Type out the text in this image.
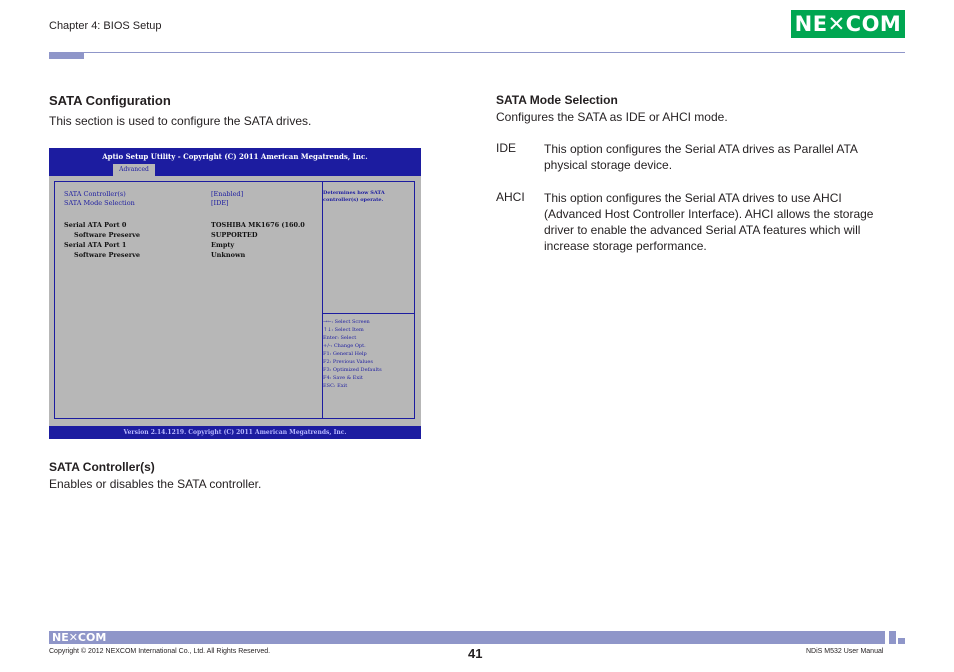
Chapter 4: BIOS Setup	NE✕COM
SATA Configuration
This section is used to configure the SATA drives.
Aptio Setup Utility - Copyright (C) 2011 American Megatrends, Inc.
Advanced
SATA Controller(s)	[Enabled]
SATA Mode Selection	[IDE]
Serial ATA Port 0	TOSHIBA MK1676 (160.0
Software Preserve	SUPPORTED
Serial ATA Port 1	Empty
Software Preserve	Unknown
Determines how SATA controller(s) operate.
→←: Select Screen
↑↓: Select Item
Enter: Select
+/-: Change Opt.
F1: General Help
F2: Previous Values
F3: Optimized Defaults
F4: Save & Exit
ESC: Exit
Version 2.14.1219. Copyright (C) 2011 American Megatrends, Inc.
SATA Controller(s)
Enables or disables the SATA controller.
SATA Mode Selection
Configures the SATA as IDE or AHCI mode.
IDE This option configures the Serial ATA drives as Parallel ATA
physical storage device.
AHCI This option configures the Serial ATA drives to use AHCI
(Advanced Host Controller Interface). AHCI allows the storage
driver to enable the advanced Serial ATA features which will
increase storage performance.
NE✕COM
Copyright © 2012 NEXCOM International Co., Ltd. All Rights Reserved.	41	NDiS M532 User Manual
